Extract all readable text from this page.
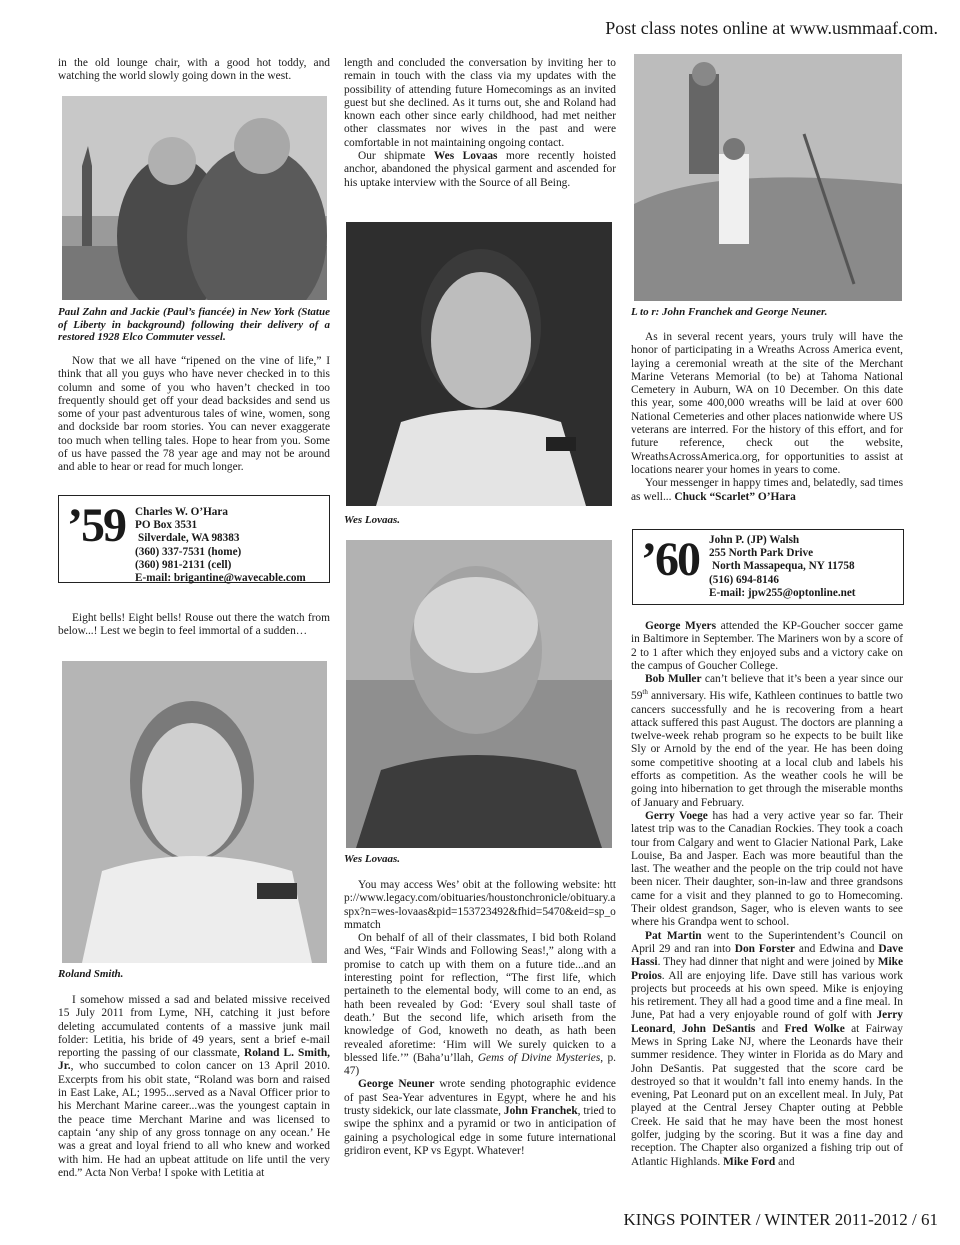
Post class notes online at www.usmmaaf.com.

in the old lounge chair, with a good hot toddy, and watching the world slowly going down in the west.

Paul Zahn and Jackie (Paul’s fiancée) in New York (Statue of Liberty in background) following their delivery of a restored 1928 Elco Commuter vessel.

Now that we all have “ripened on the vine of life,” I think that all you guys who have never checked in to this column and some of you who haven’t checked in too frequently should get off your dead backsides and send us some of your past adventurous tales of wine, women, song and dockside bar room stories. You can never exaggerate too much when telling tales. Hope to hear from you. Some of us have passed the 78 year age and may not be around and able to hear or read for much longer.

’59 Charles W. O’Hara
PO Box 3531
Silverdale, WA 98383
(360) 337-7531 (home)
(360) 981-2131 (cell)
E-mail: brigantine@wavecable.com

Eight bells! Eight bells! Rouse out there the watch from below...! Lest we begin to feel immortal of a sudden…

Roland Smith.

I somehow missed a sad and belated missive received 15 July 2011 from Lyme, NH, catching it just before deleting accumulated contents of a massive junk mail folder: Letitia, his bride of 49 years, sent a brief e-mail reporting the passing of our classmate, Roland L. Smith, Jr., who succumbed to colon cancer on 13 April 2010. Excerpts from his obit state, “Roland was born and raised in East Lake, AL; 1995...served as a Naval Officer prior to his Merchant Marine career...was the youngest captain in the peace time Merchant Marine and was licensed to captain ‘any ship of any gross tonnage on any ocean.’ He was a great and loyal friend to all who knew and worked with him. He had an upbeat attitude on life until the very end.” Acta Non Verba! I spoke with Letitia at

length and concluded the conversation by inviting her to remain in touch with the class via my updates with the possibility of attending future Homecomings as an invited guest but she declined. As it turns out, she and Roland had known each other since early childhood, had met neither other classmates nor wives in the past and were comfortable in not maintaining ongoing contact.

Our shipmate Wes Lovaas more recently hoisted anchor, abandoned the physical garment and ascended for his uptake interview with the Source of all Being.

Wes Lovaas.
Wes Lovaas.

You may access Wes’ obit at the following website: http://www.legacy.com/obituaries/houstonchronicle/obituary.aspx?n=wes-lovaas&pid=153723492&fhid=5470&eid=sp_ommatch

On behalf of all of their classmates, I bid both Roland and Wes, “Fair Winds and Following Seas!,” along with a promise to catch up with them on a future tide...and an interesting point for reflection, “The first life, which pertaineth to the elemental body, will come to an end, as hath been revealed by God: ‘Every soul shall taste of death.’ But the second life, which ariseth from the knowledge of God, knoweth no death, as hath been revealed aforetime: ‘Him will We surely quicken to a blessed life.’” (Baha’u’llah, Gems of Divine Mysteries, p. 47)

George Neuner wrote sending photographic evidence of past Sea-Year adventures in Egypt, where he and his trusty sidekick, our late classmate, John Franchek, tried to swipe the sphinx and a pyramid or two in anticipation of gaining a psychological edge in some future international gridiron event, KP vs Egypt. Whatever!

L to r: John Franchek and George Neuner.

As in several recent years, yours truly will have the honor of participating in a Wreaths Across America event, laying a ceremonial wreath at the site of the Merchant Marine Veterans Memorial (to be) at Tahoma National Cemetery in Auburn, WA on 10 December. On this date this year, some 400,000 wreaths will be laid at over 600 National Cemeteries and other places nationwide where US veterans are interred. For the history of this effort, and for future reference, check out the website, WreathsAcrossAmerica.org, for opportunities to assist at locations nearer your homes in years to come.

Your messenger in happy times and, belatedly, sad times as well... Chuck “Scarlet” O’Hara

’60 John P. (JP) Walsh
255 North Park Drive
North Massapequa, NY 11758
(516) 694-8146
E-mail: jpw255@optonline.net

George Myers attended the KP-Goucher soccer game in Baltimore in September. The Mariners won by a score of 2 to 1 after which they enjoyed subs and a victory cake on the campus of Goucher College.

Bob Muller can’t believe that it’s been a year since our 59th anniversary. His wife, Kathleen continues to battle two cancers successfully and he is recovering from a heart attack suffered this past August. The doctors are planning a twelve-week rehab program so he expects to be built like Sly or Arnold by the end of the year. He has been doing some competitive shooting at a local club and labels his efforts as competition. As the weather cools he will be going into hibernation to get through the miserable months of January and February.

Gerry Voege has had a very active year so far. Their latest trip was to the Canadian Rockies. They took a coach tour from Calgary and went to Glacier National Park, Lake Louise, Ba and Jasper. Each was more beautiful than the last. The weather and the people on the trip could not have been nicer. Their daughter, son-in-law and three grandsons came for a visit and they planned to go to Homecoming. Their oldest grandson, Sager, who is eleven wants to see where his Grandpa went to school.

Pat Martin went to the Superintendent’s Council on April 29 and ran into Don Forster and Edwina and Dave Hassi. They had dinner that night and were joined by Mike Proios. All are enjoying life. Dave still has various work projects but proceeds at his own speed. Mike is enjoying his retirement. They all had a good time and a fine meal. In June, Pat had a very enjoyable round of golf with Jerry Leonard, John DeSantis and Fred Wolke at Fairway Mews in Spring Lake NJ, where the Leonards have their summer residence. They winter in Florida as do Mary and John DeSantis. Pat suggested that the score card be destroyed so that it wouldn’t fall into enemy hands. In the evening, Pat Leonard put on an excellent meal. In July, Pat played at the Central Jersey Chapter outing at Pebble Creek. He said that he may have been the most honest golfer, judging by the scoring. But it was a fine day and reception. The Chapter also organized a fishing trip out of Atlantic Highlands. Mike Ford and

KINGS POINTER / WINTER 2011-2012 / 61
